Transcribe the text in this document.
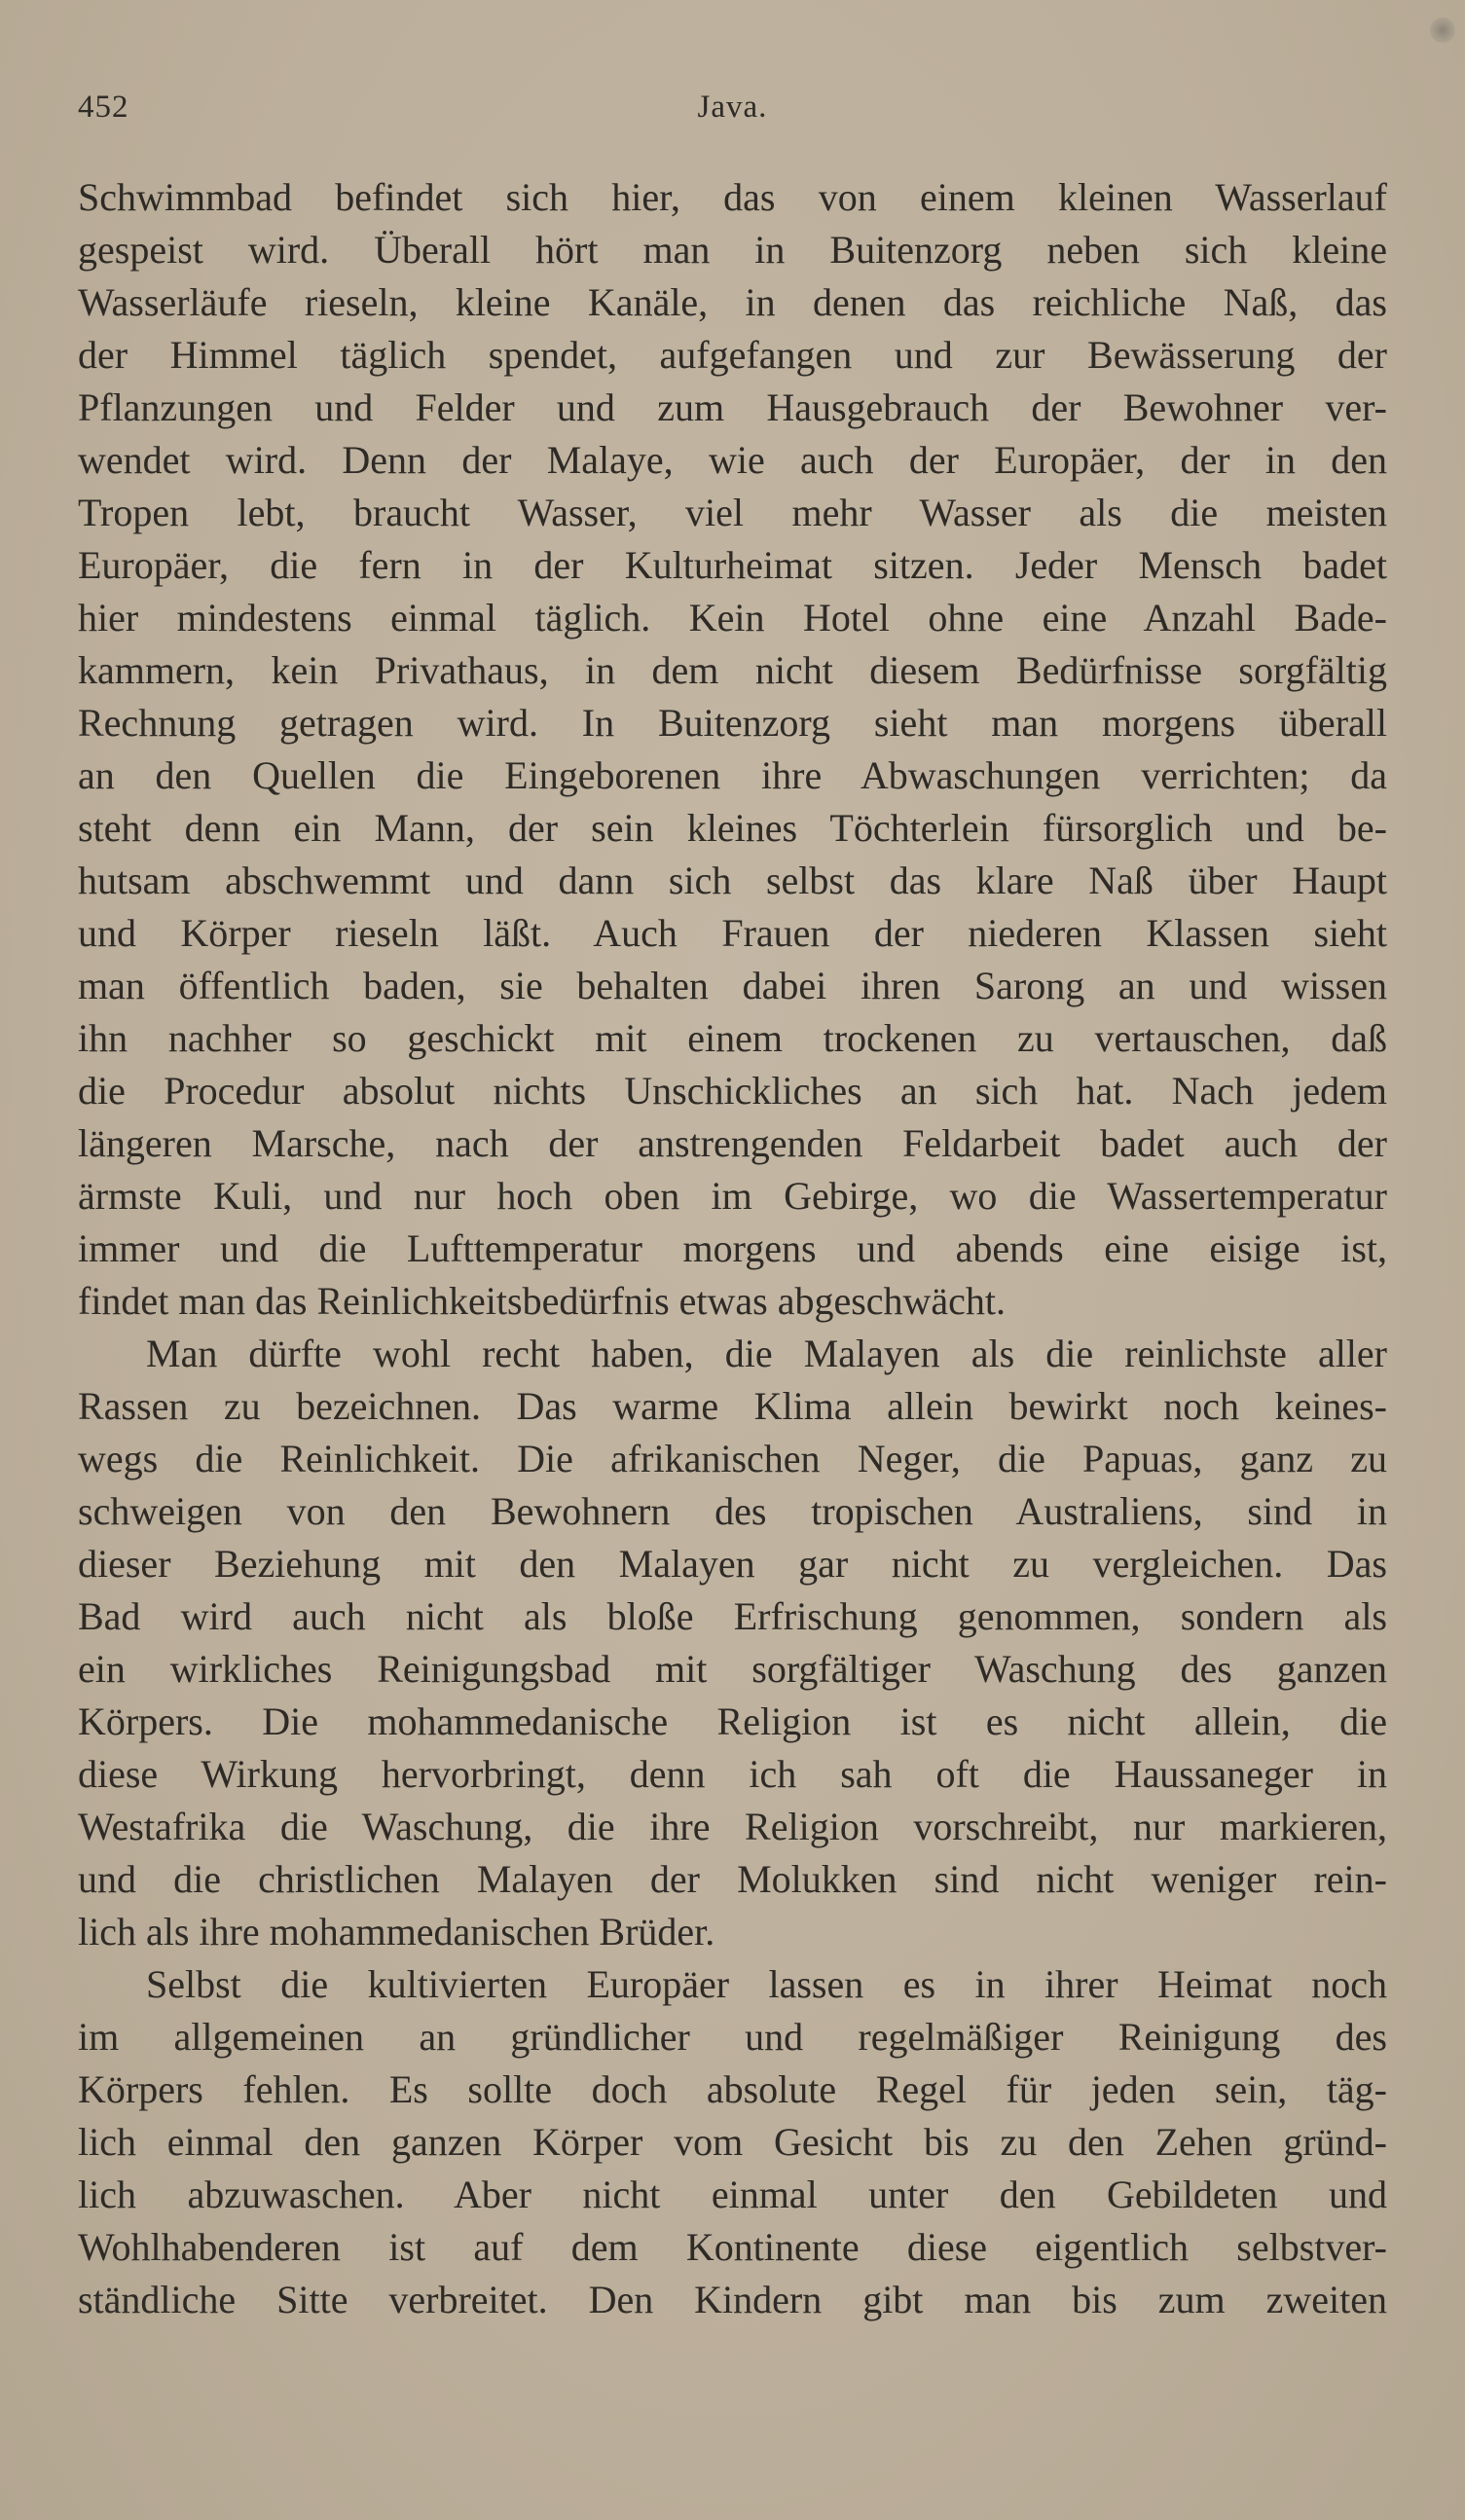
452	Java.
Schwimmbad befindet sich hier, das von einem kleinen Wasserlauf
gespeist wird. Überall hört man in Buitenzorg neben sich kleine
Wasserläufe rieseln, kleine Kanäle, in denen das reichliche Naß, das
der Himmel täglich spendet, aufgefangen und zur Bewässerung der
Pflanzungen und Felder und zum Hausgebrauch der Bewohner ver-
wendet wird. Denn der Malaye, wie auch der Europäer, der in den
Tropen lebt, braucht Wasser, viel mehr Wasser als die meisten
Europäer, die fern in der Kulturheimat sitzen. Jeder Mensch badet
hier mindestens einmal täglich. Kein Hotel ohne eine Anzahl Bade-
kammern, kein Privathaus, in dem nicht diesem Bedürfnisse sorgfältig
Rechnung getragen wird. In Buitenzorg sieht man morgens überall
an den Quellen die Eingeborenen ihre Abwaschungen verrichten; da
steht denn ein Mann, der sein kleines Töchterlein fürsorglich und be-
hutsam abschwemmt und dann sich selbst das klare Naß über Haupt
und Körper rieseln läßt. Auch Frauen der niederen Klassen sieht
man öffentlich baden, sie behalten dabei ihren Sarong an und wissen
ihn nachher so geschickt mit einem trockenen zu vertauschen, daß
die Procedur absolut nichts Unschickliches an sich hat. Nach jedem
längeren Marsche, nach der anstrengenden Feldarbeit badet auch der
ärmste Kuli, und nur hoch oben im Gebirge, wo die Wassertemperatur
immer und die Lufttemperatur morgens und abends eine eisige ist,
findet man das Reinlichkeitsbedürfnis etwas abgeschwächt.
Man dürfte wohl recht haben, die Malayen als die reinlichste aller
Rassen zu bezeichnen. Das warme Klima allein bewirkt noch keines-
wegs die Reinlichkeit. Die afrikanischen Neger, die Papuas, ganz zu
schweigen von den Bewohnern des tropischen Australiens, sind in
dieser Beziehung mit den Malayen gar nicht zu vergleichen. Das
Bad wird auch nicht als bloße Erfrischung genommen, sondern als
ein wirkliches Reinigungsbad mit sorgfältiger Waschung des ganzen
Körpers. Die mohammedanische Religion ist es nicht allein, die
diese Wirkung hervorbringt, denn ich sah oft die Haussaneger in
Westafrika die Waschung, die ihre Religion vorschreibt, nur markieren,
und die christlichen Malayen der Molukken sind nicht weniger rein-
lich als ihre mohammedanischen Brüder.
Selbst die kultivierten Europäer lassen es in ihrer Heimat noch
im allgemeinen an gründlicher und regelmäßiger Reinigung des
Körpers fehlen. Es sollte doch absolute Regel für jeden sein, täg-
lich einmal den ganzen Körper vom Gesicht bis zu den Zehen gründ-
lich abzuwaschen. Aber nicht einmal unter den Gebildeten und
Wohlhabenderen ist auf dem Kontinente diese eigentlich selbstver-
ständliche Sitte verbreitet. Den Kindern gibt man bis zum zweiten
